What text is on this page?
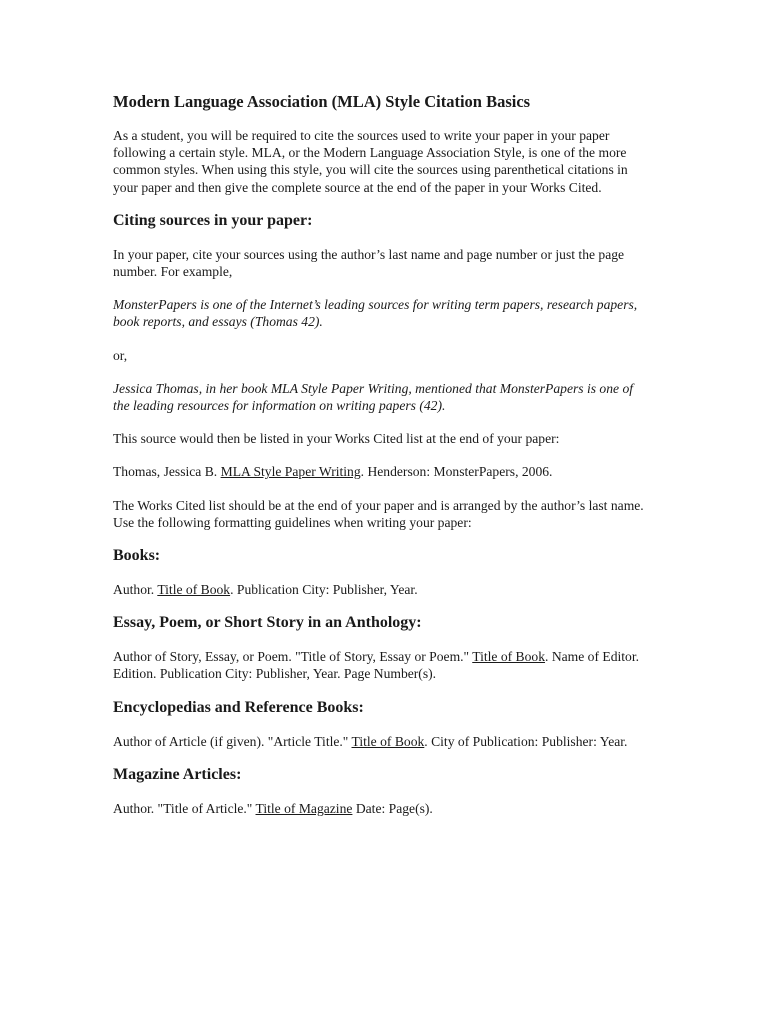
Modern Language Association (MLA) Style Citation Basics

As a student, you will be required to cite the sources used to write your paper in your paper following a certain style. MLA, or the Modern Language Association Style, is one of the more common styles. When using this style, you will cite the sources using parenthetical citations in your paper and then give the complete source at the end of the paper in your Works Cited.

Citing sources in your paper:

In your paper, cite your sources using the author’s last name and page number or just the page number. For example,

MonsterPapers is one of the Internet’s leading sources for writing term papers, research papers, book reports, and essays (Thomas 42).

or,

Jessica Thomas, in her book MLA Style Paper Writing, mentioned that MonsterPapers is one of the leading resources for information on writing papers (42).

This source would then be listed in your Works Cited list at the end of your paper:

Thomas, Jessica B. MLA Style Paper Writing. Henderson: MonsterPapers, 2006.

The Works Cited list should be at the end of your paper and is arranged by the author’s last name. Use the following formatting guidelines when writing your paper:

Books:

Author. Title of Book. Publication City: Publisher, Year.

Essay, Poem, or Short Story in an Anthology:

Author of Story, Essay, or Poem. "Title of Story, Essay or Poem." Title of Book. Name of Editor. Edition. Publication City: Publisher, Year. Page Number(s).

Encyclopedias and Reference Books:

Author of Article (if given). "Article Title." Title of Book. City of Publication: Publisher: Year.

Magazine Articles:

Author. "Title of Article." Title of Magazine Date: Page(s).
